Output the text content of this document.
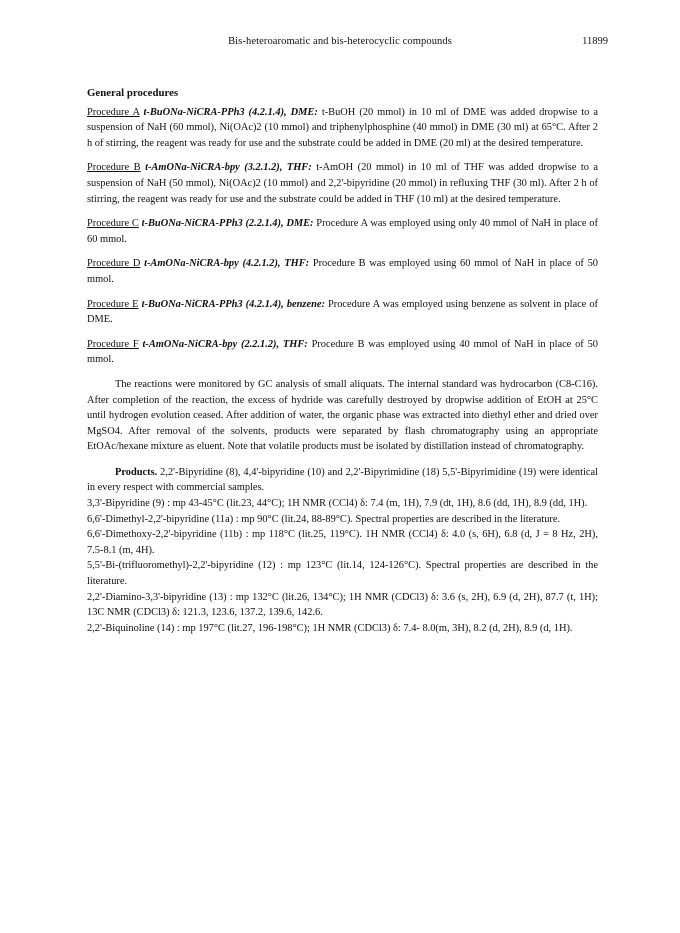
Bis-heteroaromatic and bis-heterocyclic compounds	11899
General procedures

Procedure A t-BuONa-NiCRA-PPh3 (4.2.1.4), DME: t-BuOH (20 mmol) in 10 ml of DME was added dropwise to a suspension of NaH (60 mmol), Ni(OAc)2 (10 mmol) and triphenylphosphine (40 mmol) in DME (30 ml) at 65°C. After 2 h of stirring, the reagent was ready for use and the substrate could be added in DME (20 ml) at the desired temperature.

Procedure B t-AmONa-NiCRA-bpy (3.2.1.2), THF: t-AmOH (20 mmol) in 10 ml of THF was added dropwise to a suspension of NaH (50 mmol), Ni(OAc)2 (10 mmol) and 2,2'-bipyridine (20 mmol) in refluxing THF (30 ml). After 2 h of stirring, the reagent was ready for use and the substrate could be added in THF (10 ml) at the desired temperature.

Procedure C t-BuONa-NiCRA-PPh3 (2.2.1.4), DME: Procedure A was employed using only 40 mmol of NaH in place of 60 mmol.

Procedure D t-AmONa-NiCRA-bpy (4.2.1.2), THF: Procedure B was employed using 60 mmol of NaH in place of 50 mmol.

Procedure E t-BuONa-NiCRA-PPh3 (4.2.1.4), benzene: Procedure A was employed using benzene as solvent in place of DME.

Procedure F t-AmONa-NiCRA-bpy (2.2.1.2), THF: Procedure B was employed using 40 mmol of NaH in place of 50 mmol.

The reactions were monitored by GC analysis of small aliquats. The internal standard was hydrocarbon (C8-C16). After completion of the reaction, the excess of hydride was carefully destroyed by dropwise addition of EtOH at 25°C until hydrogen evolution ceased. After addition of water, the organic phase was extracted into diethyl ether and dried over MgSO4. After removal of the solvents, products were separated by flash chromatography using an appropriate EtOAc/hexane mixture as eluent. Note that volatile products must be isolated by distillation instead of chromatography.

Products. 2,2'-Bipyridine (8), 4,4'-bipyridine (10) and 2,2'-Bipyrimidine (18) 5,5'-Bipyrimidine (19) were identical in every respect with commercial samples.

3,3'-Bipyridine (9) : mp 43-45°C (lit.23, 44°C); 1H NMR (CCl4) δ: 7.4 (m, 1H), 7.9 (dt, 1H), 8.6 (dd, 1H), 8.9 (dd, 1H).

6,6'-Dimethyl-2,2'-bipyridine (11a) : mp 90°C (lit.24, 88-89°C). Spectral properties are described in the literature.

6,6'-Dimethoxy-2,2'-bipyridine (11b) : mp 118°C (lit.25, 119°C). 1H NMR (CCl4) δ: 4.0 (s, 6H), 6.8 (d, J = 8 Hz, 2H), 7.5-8.1 (m, 4H).

5,5'-Bi-(trifluoromethyl)-2,2'-bipyridine (12) : mp 123°C (lit.14, 124-126°C). Spectral properties are described in the literature.

2,2'-Diamino-3,3'-bipyridine (13) : mp 132°C (lit.26, 134°C); 1H NMR (CDCl3) δ: 3.6 (s, 2H), 6.9 (d, 2H), 87.7 (t, 1H); 13C NMR (CDCl3) δ: 121.3, 123.6, 137.2, 139.6, 142.6.

2,2'-Biquinoline (14) : mp 197°C (lit.27, 196-198°C); 1H NMR (CDCl3) δ: 7.4- 8.0(m, 3H), 8.2 (d, 2H), 8.9 (d, 1H).
